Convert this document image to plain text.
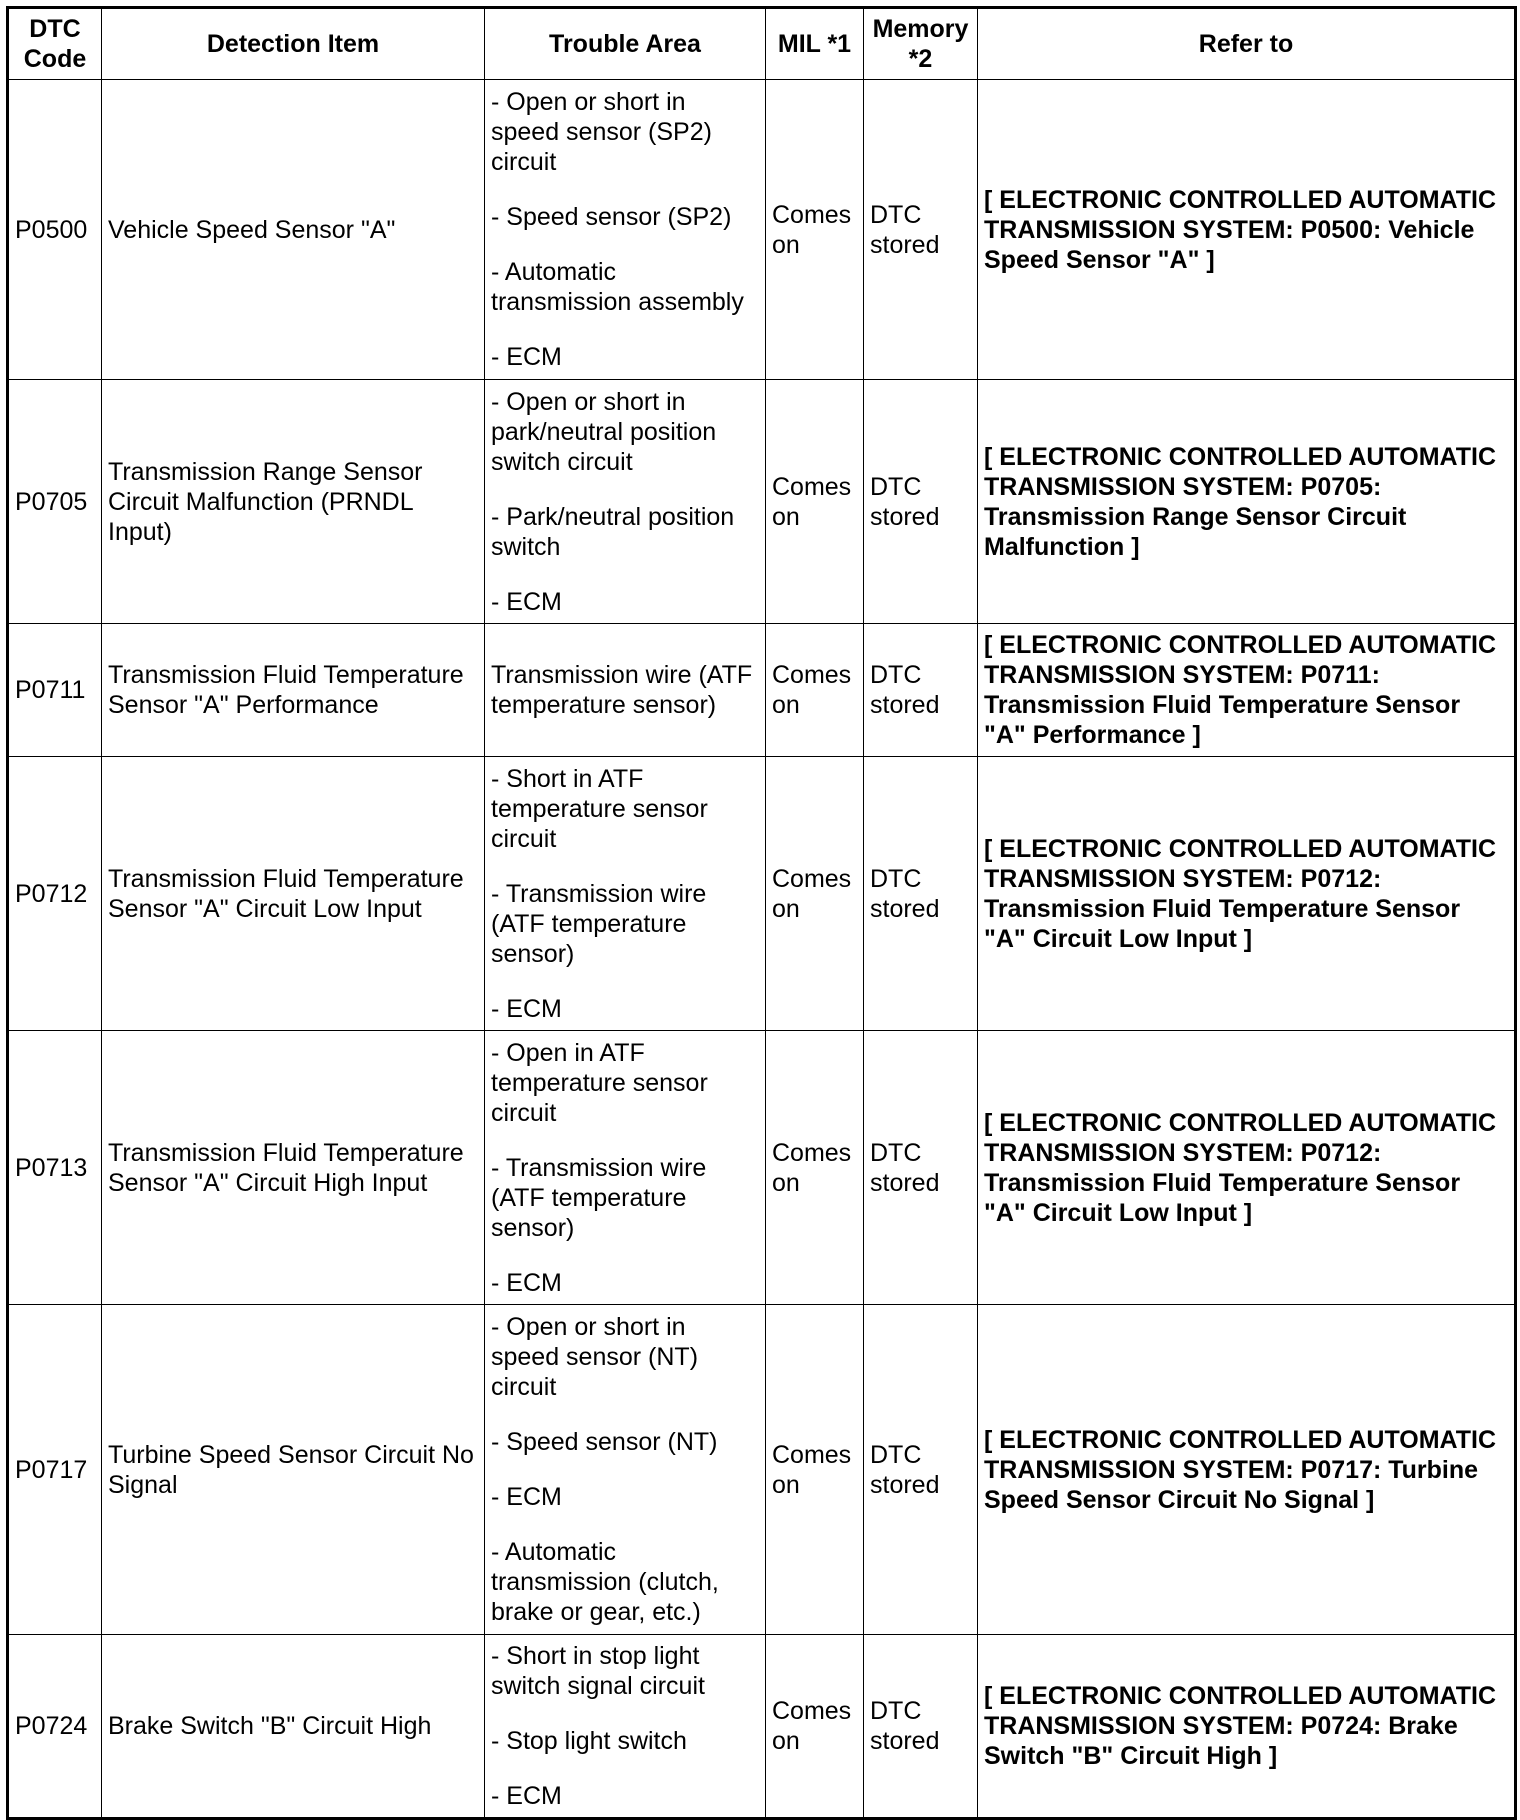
DTC Code	Detection Item	Trouble Area	MIL *1	Memory *2	Refer to
P0500	Vehicle Speed Sensor "A"	- Open or short in speed sensor (SP2) circuit
- Speed sensor (SP2)
- Automatic transmission assembly
- ECM	Comes on	DTC stored	[ ELECTRONIC CONTROLLED AUTOMATIC TRANSMISSION SYSTEM: P0500: Vehicle Speed Sensor "A" ]
P0705	Transmission Range Sensor Circuit Malfunction (PRNDL Input)	- Open or short in park/neutral position switch circuit
- Park/neutral position switch
- ECM	Comes on	DTC stored	[ ELECTRONIC CONTROLLED AUTOMATIC TRANSMISSION SYSTEM: P0705: Transmission Range Sensor Circuit Malfunction ]
P0711	Transmission Fluid Temperature Sensor "A" Performance	Transmission wire (ATF temperature sensor)	Comes on	DTC stored	[ ELECTRONIC CONTROLLED AUTOMATIC TRANSMISSION SYSTEM: P0711: Transmission Fluid Temperature Sensor "A" Performance ]
P0712	Transmission Fluid Temperature Sensor "A" Circuit Low Input	- Short in ATF temperature sensor circuit
- Transmission wire (ATF temperature sensor)
- ECM	Comes on	DTC stored	[ ELECTRONIC CONTROLLED AUTOMATIC TRANSMISSION SYSTEM: P0712: Transmission Fluid Temperature Sensor "A" Circuit Low Input ]
P0713	Transmission Fluid Temperature Sensor "A" Circuit High Input	- Open in ATF temperature sensor circuit
- Transmission wire (ATF temperature sensor)
- ECM	Comes on	DTC stored	[ ELECTRONIC CONTROLLED AUTOMATIC TRANSMISSION SYSTEM: P0712: Transmission Fluid Temperature Sensor "A" Circuit Low Input ]
P0717	Turbine Speed Sensor Circuit No Signal	- Open or short in speed sensor (NT) circuit
- Speed sensor (NT)
- ECM
- Automatic transmission (clutch, brake or gear, etc.)	Comes on	DTC stored	[ ELECTRONIC CONTROLLED AUTOMATIC TRANSMISSION SYSTEM: P0717: Turbine Speed Sensor Circuit No Signal ]
P0724	Brake Switch "B" Circuit High	- Short in stop light switch signal circuit
- Stop light switch
- ECM	Comes on	DTC stored	[ ELECTRONIC CONTROLLED AUTOMATIC TRANSMISSION SYSTEM: P0724: Brake Switch "B" Circuit High ]
